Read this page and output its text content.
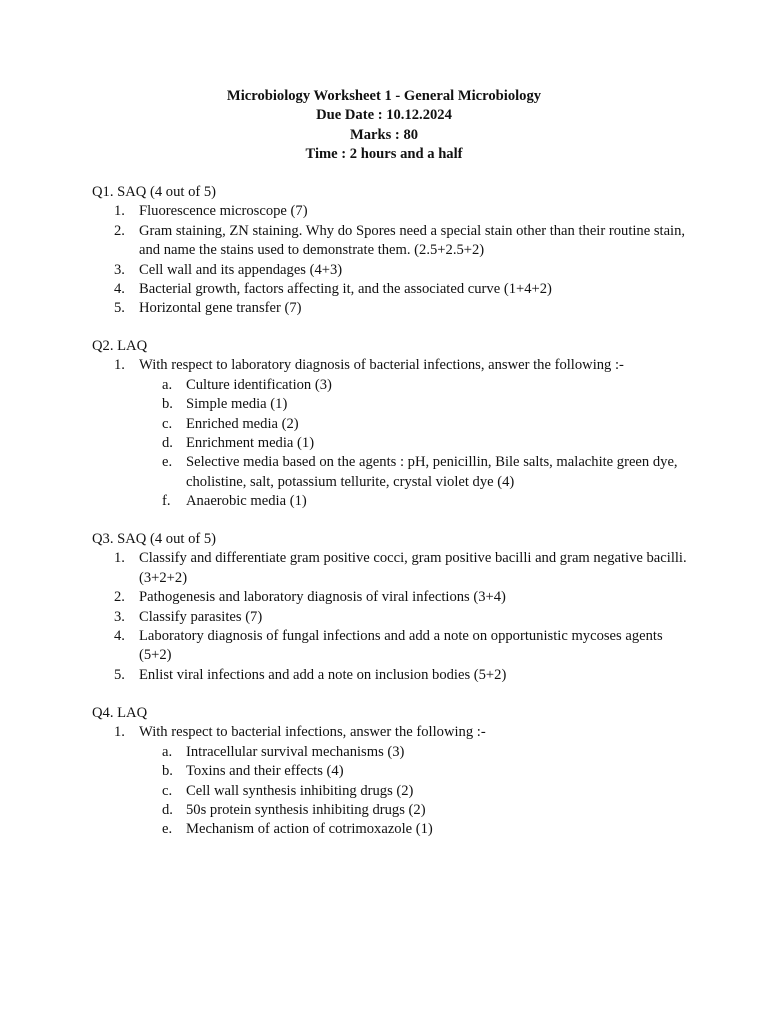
Microbiology Worksheet 1 - General Microbiology
Due Date : 10.12.2024
Marks : 80
Time : 2 hours and a half
Q1. SAQ (4 out of 5)
1. Fluorescence microscope (7)
2. Gram staining, ZN staining. Why do Spores need a special stain other than their routine stain, and name the stains used to demonstrate them. (2.5+2.5+2)
3. Cell wall and its appendages (4+3)
4. Bacterial growth, factors affecting it, and the associated curve (1+4+2)
5. Horizontal gene transfer (7)
Q2. LAQ
1. With respect to laboratory diagnosis of bacterial infections, answer the following :-
a. Culture identification (3)
b. Simple media (1)
c. Enriched media (2)
d. Enrichment media (1)
e. Selective media based on the agents : pH, penicillin, Bile salts, malachite green dye, cholistine, salt, potassium tellurite, crystal violet dye (4)
f. Anaerobic media (1)
Q3. SAQ (4 out of 5)
1. Classify and differentiate gram positive cocci, gram positive bacilli and gram negative bacilli. (3+2+2)
2. Pathogenesis and laboratory diagnosis of viral infections (3+4)
3. Classify parasites (7)
4. Laboratory diagnosis of fungal infections and add a note on opportunistic mycoses agents (5+2)
5. Enlist viral infections and add a note on inclusion bodies (5+2)
Q4. LAQ
1. With respect to bacterial infections, answer the following :-
a. Intracellular survival mechanisms (3)
b. Toxins and their effects (4)
c. Cell wall synthesis inhibiting drugs (2)
d. 50s protein synthesis inhibiting drugs (2)
e. Mechanism of action of cotrimoxazole (1)
